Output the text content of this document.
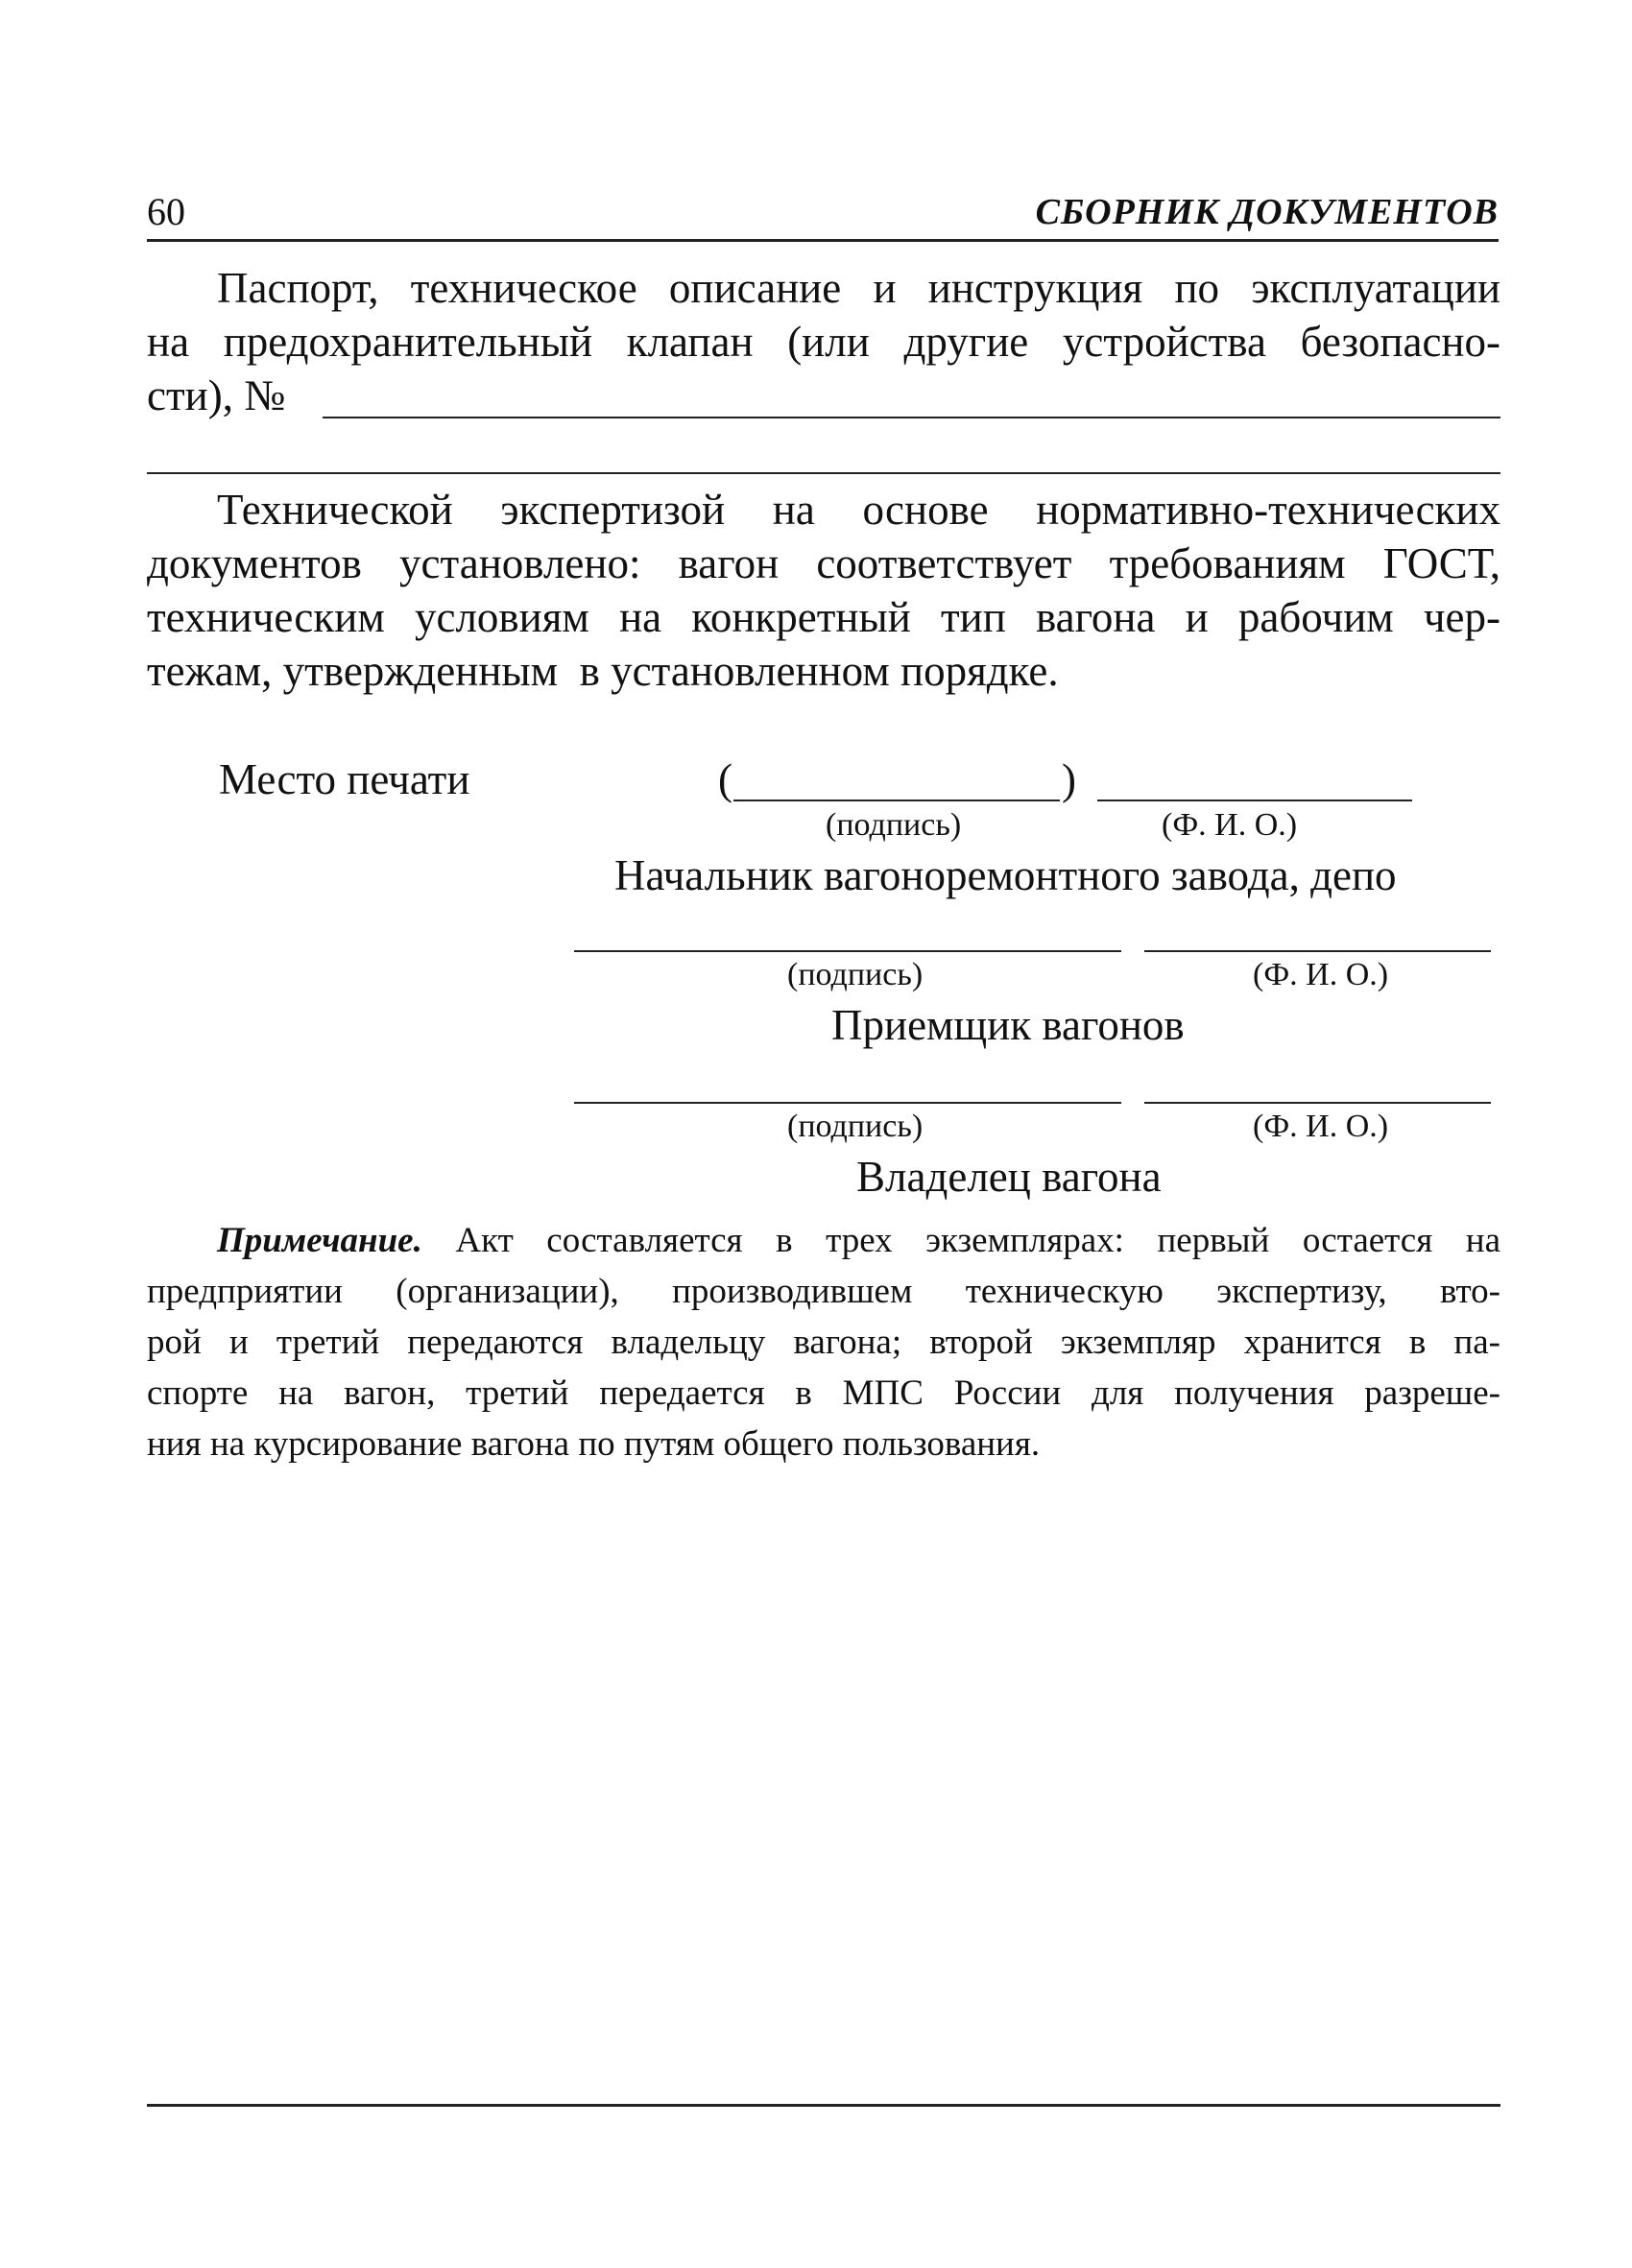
60	СБОРНИК ДОКУМЕНТОВ
Паспорт, техническое описание и инструкция по эксплуатации
на предохранительный клапан (или другие устройства безопасно-
сти), №
Технической экспертизой на основе нормативно-технических
документов установлено: вагон соответствует требованиям ГОСТ,
техническим условиям на конкретный тип вагона и рабочим чер-
тежам, утвержденным  в установленном порядке.
Место печати	(	)
(подпись)	(Ф. И. О.)
Начальник вагоноремонтного завода, депо
(подпись)	(Ф. И. О.)
Приемщик вагонов
(подпись)	(Ф. И. О.)
Владелец вагона
Примечание. Акт составляется в трех экземплярах: первый остается на
предприятии (организации), производившем техническую экспертизу, вто-
рой и третий передаются владельцу вагона; второй экземпляр хранится в па-
спорте на вагон, третий передается в МПС России для получения разреше-
ния на курсирование вагона по путям общего пользования.
